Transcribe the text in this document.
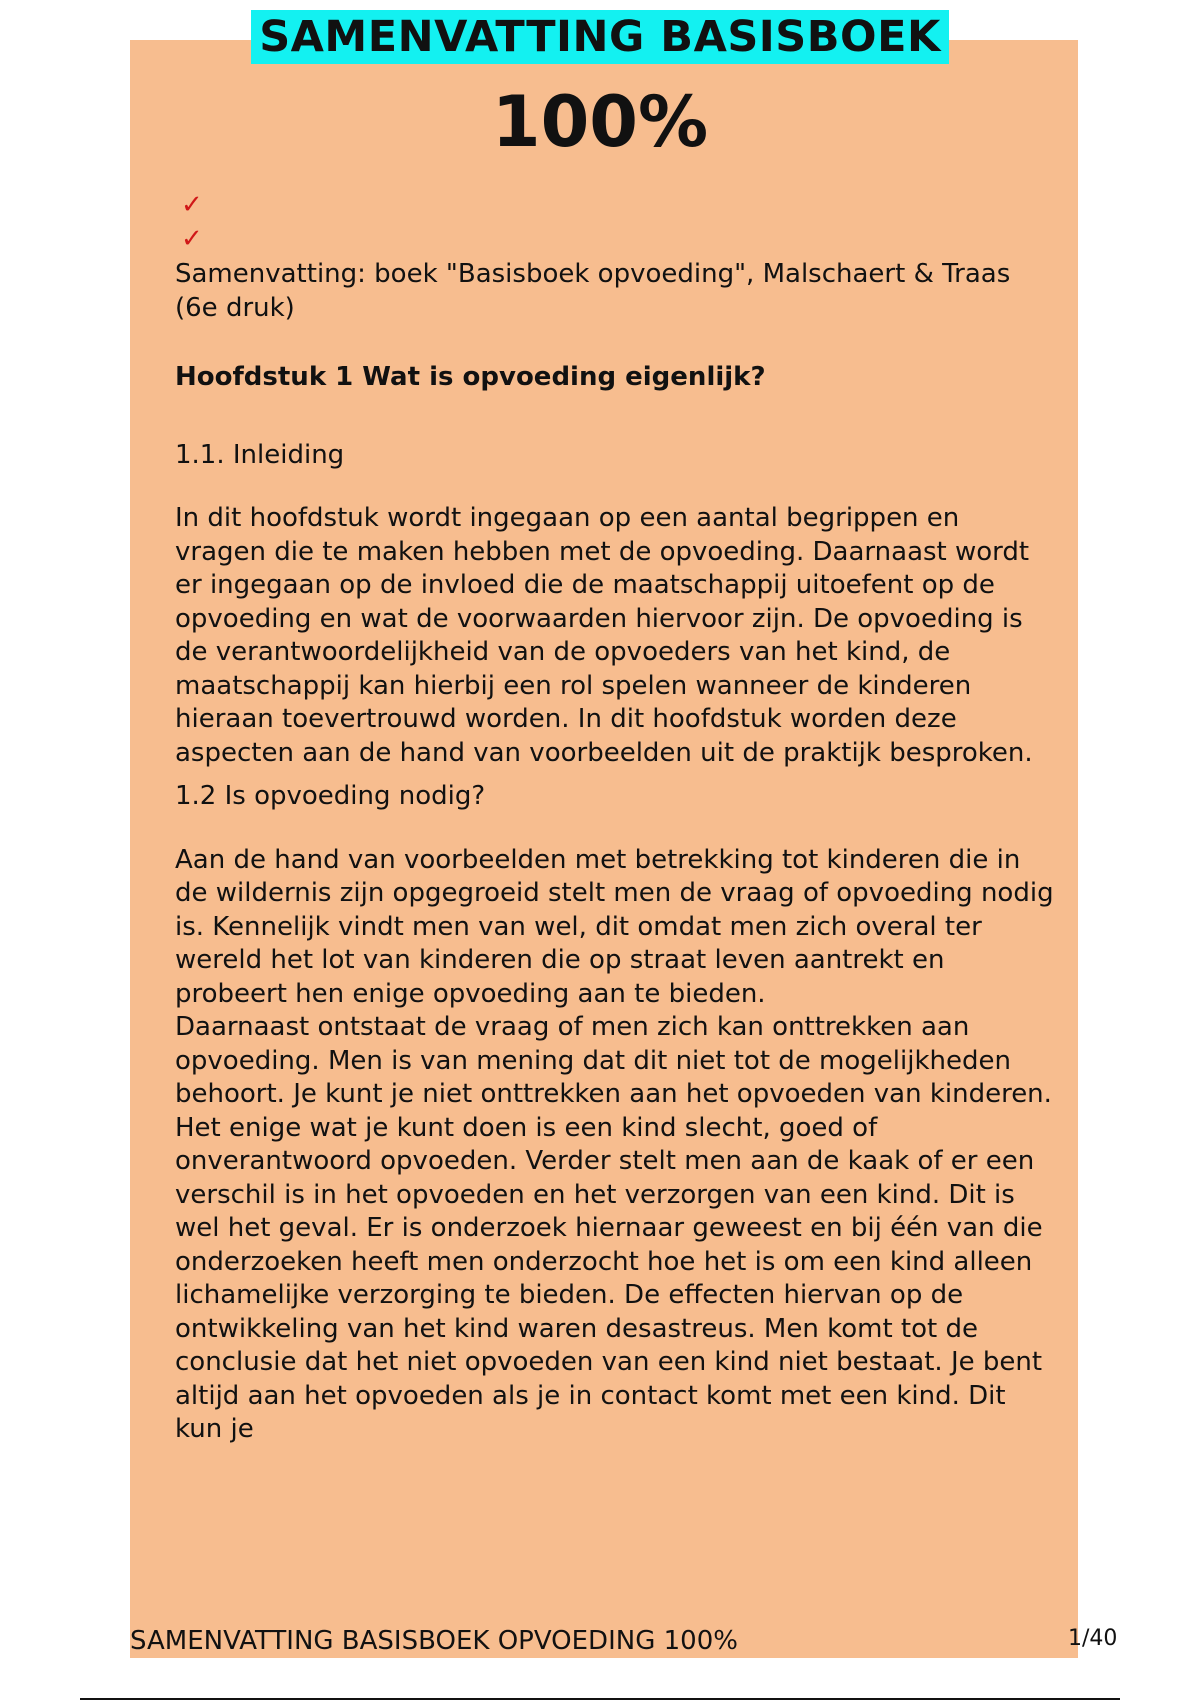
SAMENVATTING BASISBOEK
100%
✓
✓

Samenvatting: boek "Basisboek opvoeding", Malschaert & Traas (6e druk)

Hoofdstuk 1 Wat is opvoeding eigenlijk?

1.1. Inleiding

In dit hoofdstuk wordt ingegaan op een aantal begrippen en vragen die te maken hebben met de opvoeding. Daarnaast wordt er ingegaan op de invloed die de maatschappij uitoefent op de opvoeding en wat de voorwaarden hiervoor zijn. De opvoeding is de verantwoordelijkheid van de opvoeders van het kind, de maatschappij kan hierbij een rol spelen wanneer de kinderen hieraan toevertrouwd worden. In dit hoofdstuk worden deze aspecten aan de hand van voorbeelden uit de praktijk besproken.

1.2 Is opvoeding nodig?

Aan de hand van voorbeelden met betrekking tot kinderen die in de wildernis zijn opgegroeid stelt men de vraag of opvoeding nodig is. Kennelijk vindt men van wel, dit omdat men zich overal ter wereld het lot van kinderen die op straat leven aantrekt en probeert hen enige opvoeding aan te bieden.

Daarnaast ontstaat de vraag of men zich kan onttrekken aan opvoeding. Men is van mening dat dit niet tot de mogelijkheden behoort. Je kunt je niet onttrekken aan het opvoeden van kinderen. Het enige wat je kunt doen is een kind slecht, goed of onverantwoord opvoeden. Verder stelt men aan de kaak of er een verschil is in het opvoeden en het verzorgen van een kind. Dit is wel het geval. Er is onderzoek hiernaar geweest en bij één van die onderzoeken heeft men onderzocht hoe het is om een kind alleen lichamelijke verzorging te bieden. De effecten hiervan op de ontwikkeling van het kind waren desastreus. Men komt tot de conclusie dat het niet opvoeden van een kind niet bestaat. Je bent altijd aan het opvoeden als je in contact komt met een kind. Dit kun je

SAMENVATTING BASISBOEK OPVOEDING 100%	1/40
